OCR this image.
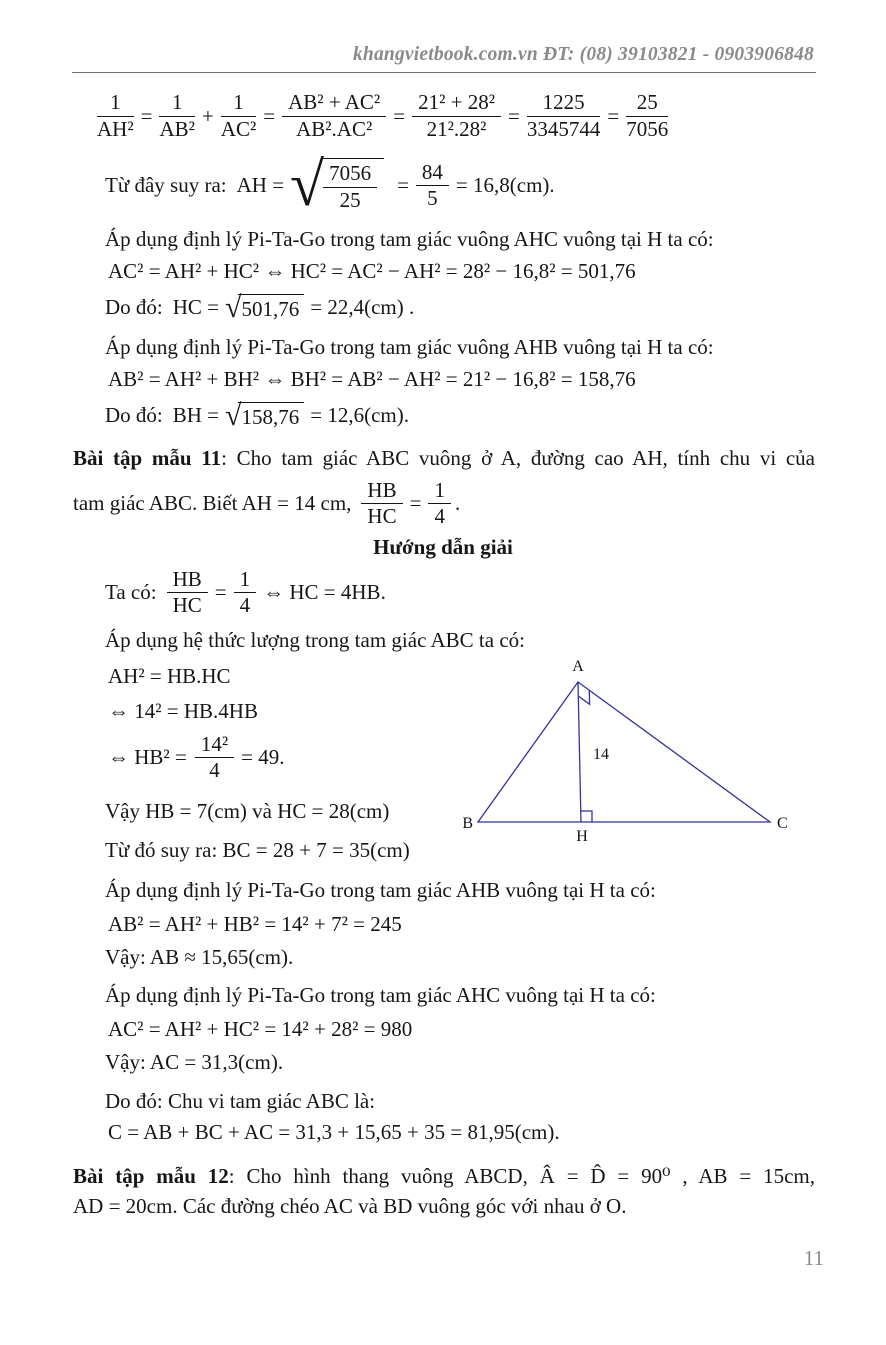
khangvietbook.com.vn ĐT: (08) 39103821 - 0903906848
$\frac{1}{\text{AH²}} = \frac{1}{\text{AB²}} + \frac{1}{\text{AC²}} = \frac{\text{AB² + AC²}}{\text{AB².AC²}} = \frac{\text{21² + 28²}}{\text{21².28²}} = \frac{1225}{3345744} = \frac{25}{7056}$
Từ đây suy ra: AH = √ $\frac{7056}{25} = \frac{84}{5} = 16,8(cm)$.
Áp dụng định lý Pi-Ta-Go trong tam giác vuông AHC vuông tại H ta có:
AC² = AH² + HC² ⇔ HC² = AC² − AH² = 28² − 16,8² = 501,76
Do đó: HC = √ 501,76 = 22,4(cm) .
Áp dụng định lý Pi-Ta-Go trong tam giác vuông AHB vuông tại H ta có:
AB² = AH² + BH² ⇔ BH² = AB² − AH² = 21² − 16,8² = 158,76
Do đó: BH = √ 158,76 = 12,6(cm).
Bài tập mẫu 11: Cho tam giác ABC vuông ở A, đường cao AH, tính chu vi của
tam giác ABC. Biết AH = 14 cm, $\frac{HB}{HC} = \frac{1}{4}$ .
Hướng dẫn giải
Ta có: $\frac{HB}{HC} = \frac{1}{4}$ ⇔ HC = 4HB.
Áp dụng hệ thức lượng trong tam giác ABC ta có:
AH² = HB.HC
⇔ 14² = HB.4HB
⇔ $HB^2 = \frac{\text{14²}}{4} = 49$.
Vậy HB = 7(cm) và HC = 28(cm)
Từ đó suy ra: BC = 28 + 7 = 35(cm)
Áp dụng định lý Pi-Ta-Go trong tam giác AHB vuông tại H ta có:
AB² = AH² + HB² = 14² + 7² = 245
Vậy: AB ≈ 15,65(cm).
Áp dụng định lý Pi-Ta-Go trong tam giác AHC vuông tại H ta có:
AC² = AH² + HC² = 14² + 28² = 980
Vậy: AC = 31,3(cm).
Do đó: Chu vi tam giác ABC là:
C = AB + BC + AC = 31,3 + 15,65 + 35 = 81,95(cm).
Bài tập mẫu 12: Cho hình thang vuông ABCD, Â = D̂ = 90⁰ , AB = 15cm,
AD = 20cm. Các đường chéo AC và BD vuông góc với nhau ở O.
A
B	C
H
14
11
